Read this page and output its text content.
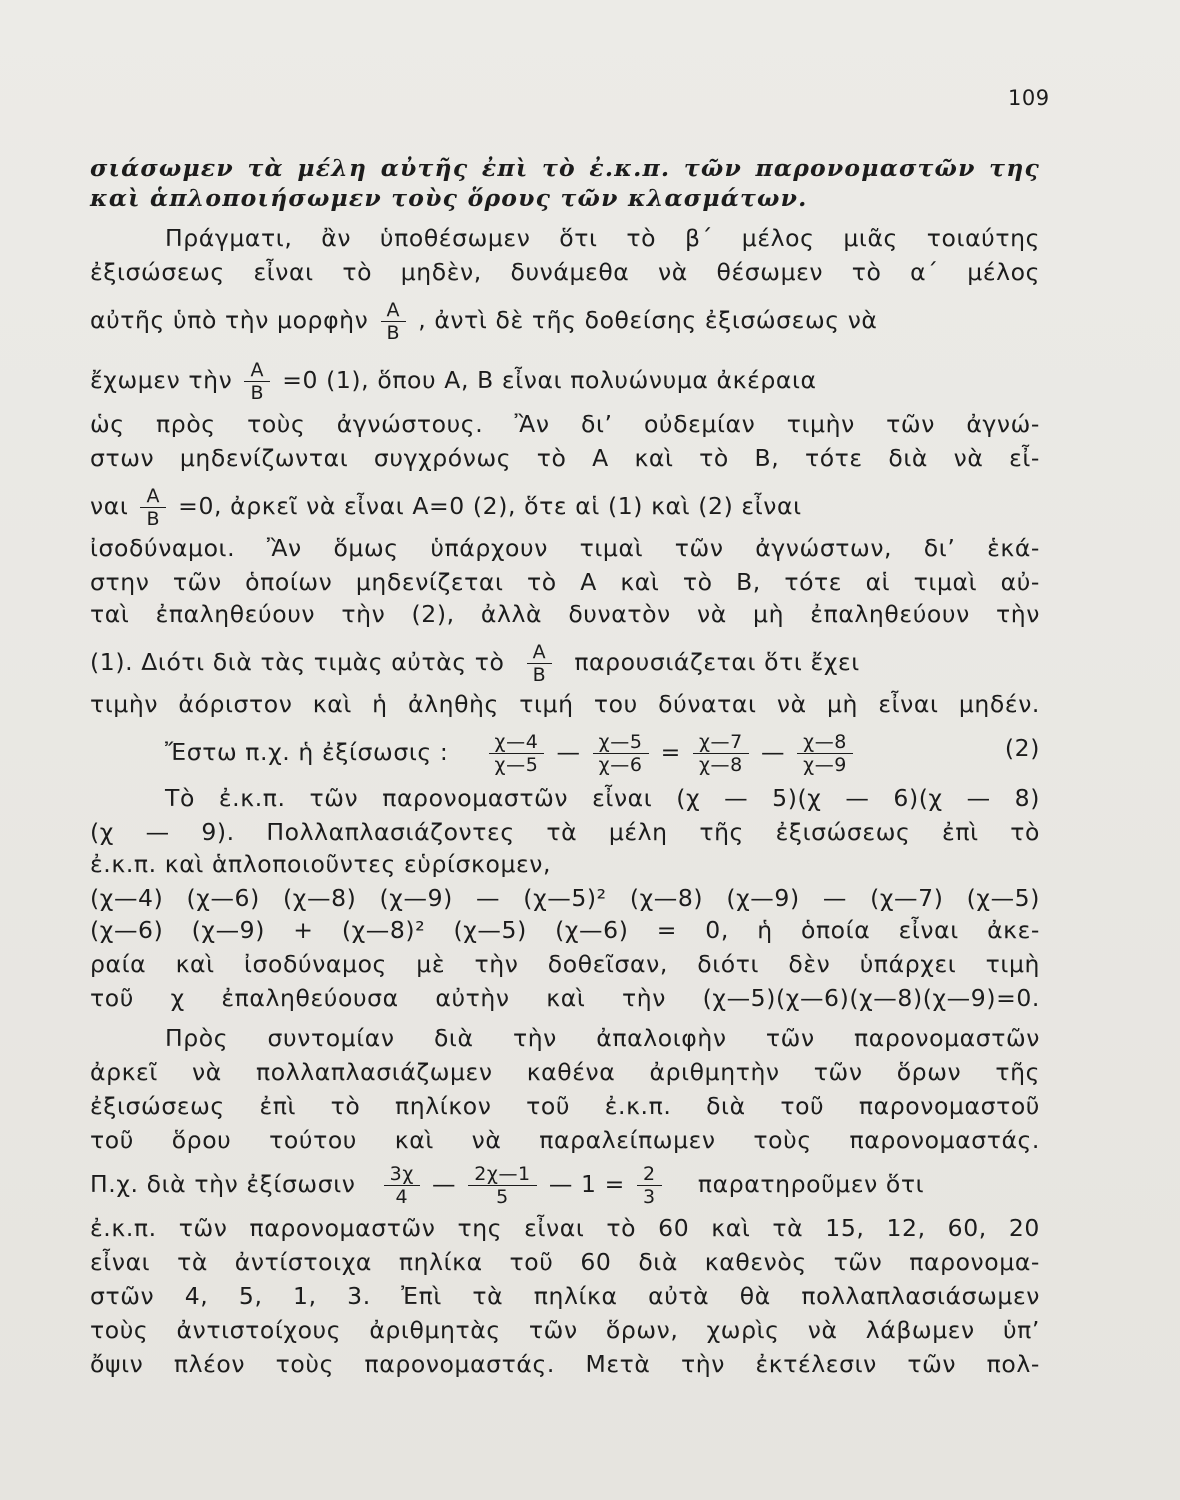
109
σιάσωμεν τὰ μέλη αὐτῆς ἐπὶ τὸ ἐ.κ.π. τῶν παρονομαστῶν της
καὶ ἁπλοποιήσωμεν τοὺς ὅρους τῶν κλασμάτων.
Πράγματι, ἂν ὑποθέσωμεν ὅτι τὸ β΄ μέλος μιᾶς τοιαύτης
ἐξισώσεως εἶναι τὸ μηδὲν, δυνάμεθα νὰ θέσωμεν τὸ α΄ μέλος
αὐτῆς ὑπὸ τὴν μορφὴν $\frac{A}{B}$ , ἀντὶ δὲ τῆς δοθείσης ἐξισώσεως νὰ
ἔχωμεν τὴν $\frac{A}{B} =0$ (1), ὅπου Α, Β εἶναι πολυώνυμα ἀκέραια
ὡς πρὸς τοὺς ἀγνώστους. Ἂν δι’ οὐδεμίαν τιμὴν τῶν ἀγνώ-
στων μηδενίζωνται συγχρόνως τὸ Α καὶ τὸ Β, τότε διὰ νὰ εἶ-
ναι $\frac{A}{B} =0$, ἀρκεῖ νὰ εἶναι Α=0 (2), ὅτε αἱ (1) καὶ (2) εἶναι
ἰσοδύναμοι. Ἂν ὅμως ὑπάρχουν τιμαὶ τῶν ἀγνώστων, δι’ ἑκά-
στην τῶν ὁποίων μηδενίζεται τὸ Α καὶ τὸ Β, τότε αἱ τιμαὶ αὐ-
ταὶ ἐπαληθεύουν τὴν (2), ἀλλὰ δυνατὸν νὰ μὴ ἐπαληθεύουν τὴν
(1). Διότι διὰ τὰς τιμὰς αὐτὰς τὸ $\frac{A}{B}$ παρουσιάζεται ὅτι ἔχει
τιμὴν ἀόριστον καὶ ἡ ἀληθὴς τιμή του δύναται νὰ μὴ εἶναι μηδέν.
Ἔστω π.χ. ἡ ἐξίσωσις : $\frac{\chi—4}{\chi—5}$ — $\frac{\chi—5}{\chi—6} = \frac{\chi—7}{\chi—8}$ — $\frac{\chi—8}{\chi—9}$	(2)
Τὸ ἐ.κ.π. τῶν παρονομαστῶν εἶναι (χ — 5)(χ — 6)(χ — 8)
(χ — 9). Πολλαπλασιάζοντες τὰ μέλη τῆς ἐξισώσεως ἐπὶ τὸ
ἐ.κ.π. καὶ ἁπλοποιοῦντες εὑρίσκομεν,
(χ—4) (χ—6) (χ—8) (χ—9) — (χ—5)² (χ—8) (χ—9) — (χ—7) (χ—5)
(χ—6) (χ—9) + (χ—8)² (χ—5) (χ—6) = 0, ἡ ὁποία εἶναι ἀκε-
ραία καὶ ἰσοδύναμος μὲ τὴν δοθεῖσαν, διότι δὲν ὑπάρχει τιμὴ
τοῦ χ ἐπαληθεύουσα αὐτὴν καὶ τὴν (χ—5)(χ—6)(χ—8)(χ—9)=0.
Πρὸς συντομίαν διὰ τὴν ἀπαλοιφὴν τῶν παρονομαστῶν
ἀρκεῖ νὰ πολλαπλασιάζωμεν καθένα ἀριθμητὴν τῶν ὅρων τῆς
ἐξισώσεως ἐπὶ τὸ πηλίκον τοῦ ἐ.κ.π. διὰ τοῦ παρονομαστοῦ
τοῦ ὅρου τούτου καὶ νὰ παραλείπωμεν τοὺς παρονομαστάς.
Π.χ. διὰ τὴν ἐξίσωσιν $\frac{3\chi}{4}$ — $\frac{2\chi—1}{5}$ — $1 = \frac{2}{3}$ παρατηροῦμεν ὅτι
ἐ.κ.π. τῶν παρονομαστῶν της εἶναι τὸ 60 καὶ τὰ 15, 12, 60, 20
εἶναι τὰ ἀντίστοιχα πηλίκα τοῦ 60 διὰ καθενὸς τῶν παρονομα-
στῶν 4, 5, 1, 3. Ἐπὶ τὰ πηλίκα αὐτὰ θὰ πολλαπλασιάσωμεν
τοὺς ἀντιστοίχους ἀριθμητὰς τῶν ὅρων, χωρὶς νὰ λάβωμεν ὑπ’
ὄψιν πλέον τοὺς παρονομαστάς. Μετὰ τὴν ἐκτέλεσιν τῶν πολ-
